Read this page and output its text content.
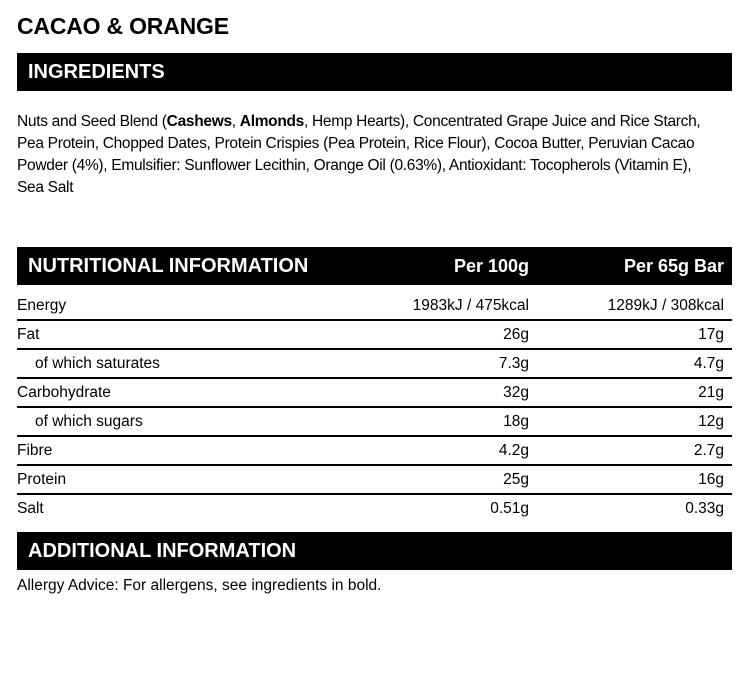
CACAO & ORANGE
INGREDIENTS
Nuts and Seed Blend (Cashews, Almonds, Hemp Hearts), Concentrated Grape Juice and Rice Starch, Pea Protein, Chopped Dates, Protein Crispies (Pea Protein, Rice Flour), Cocoa Butter, Peruvian Cacao Powder (4%), Emulsifier: Sunflower Lecithin, Orange Oil (0.63%), Antioxidant: Tocopherols (Vitamin E), Sea Salt
NUTRITIONAL INFORMATION	Per 100g	Per 65g Bar
Energy	1983kJ / 475kcal	1289kJ / 308kcal
Fat	26g	17g
of which saturates	7.3g	4.7g
Carbohydrate	32g	21g
of which sugars	18g	12g
Fibre	4.2g	2.7g
Protein	25g	16g
Salt	0.51g	0.33g
ADDITIONAL INFORMATION
Allergy Advice: For allergens, see ingredients in bold.
